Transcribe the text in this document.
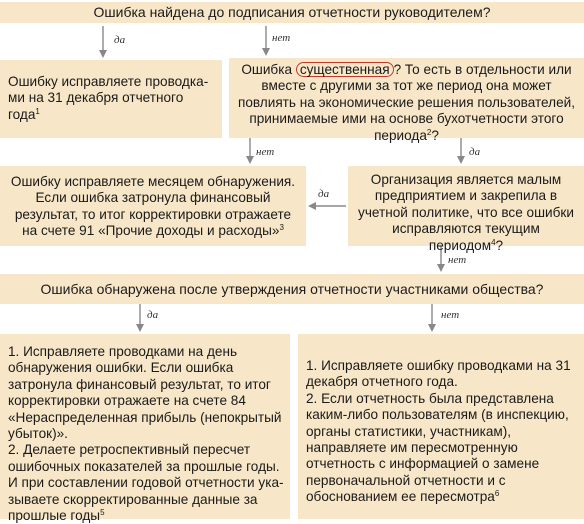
Ошибка найдена до подписания отчетности руководителем?
да	нет
нет	да
да
нет
да	нет
Ошибку исправляете проводками на 31 декабря отчетного года$^1$
Ошибка существенная ? То есть в отдельности или вместе с другими за тот же период она может повлиять на экономические решения пользователей, принимаемые ими на основе бухотчетности этого периода$^2$?
Ошибку исправляете месяцем обнаружения. Если ошибка затронула финансовый результат, то итог корректировки отражаете на счете 91 «Прочие доходы и расходы»$^3$
Организация является малым предприятием и закрепила в учетной политике, что все ошибки исправляются текущим периодом$^4$?
Ошибка обнаружена после утверждения отчетности участниками общества?
1. Исправляете проводками на день обнаружения ошибки. Если ошибка затронула финансовый результат, то итог корректировки отражаете на счете 84 «Нераспределенная прибыль (непокрытый убыток)».
2. Делаете ретроспективный пересчет ошибочных показателей за прошлые годы.
И при составлении годовой отчетности указываете скорректированные данные за прошлые годы$^5$
1. Исправляете ошибку проводками на 31 декабря отчетного года.
2. Если отчетность была представлена каким-либо пользователям (в инспекцию, органы статистики, участникам), направляете им пересмотренную отчетность с информацией о замене первоначальной отчетности и с обоснованием ее пересмотра$^6$
